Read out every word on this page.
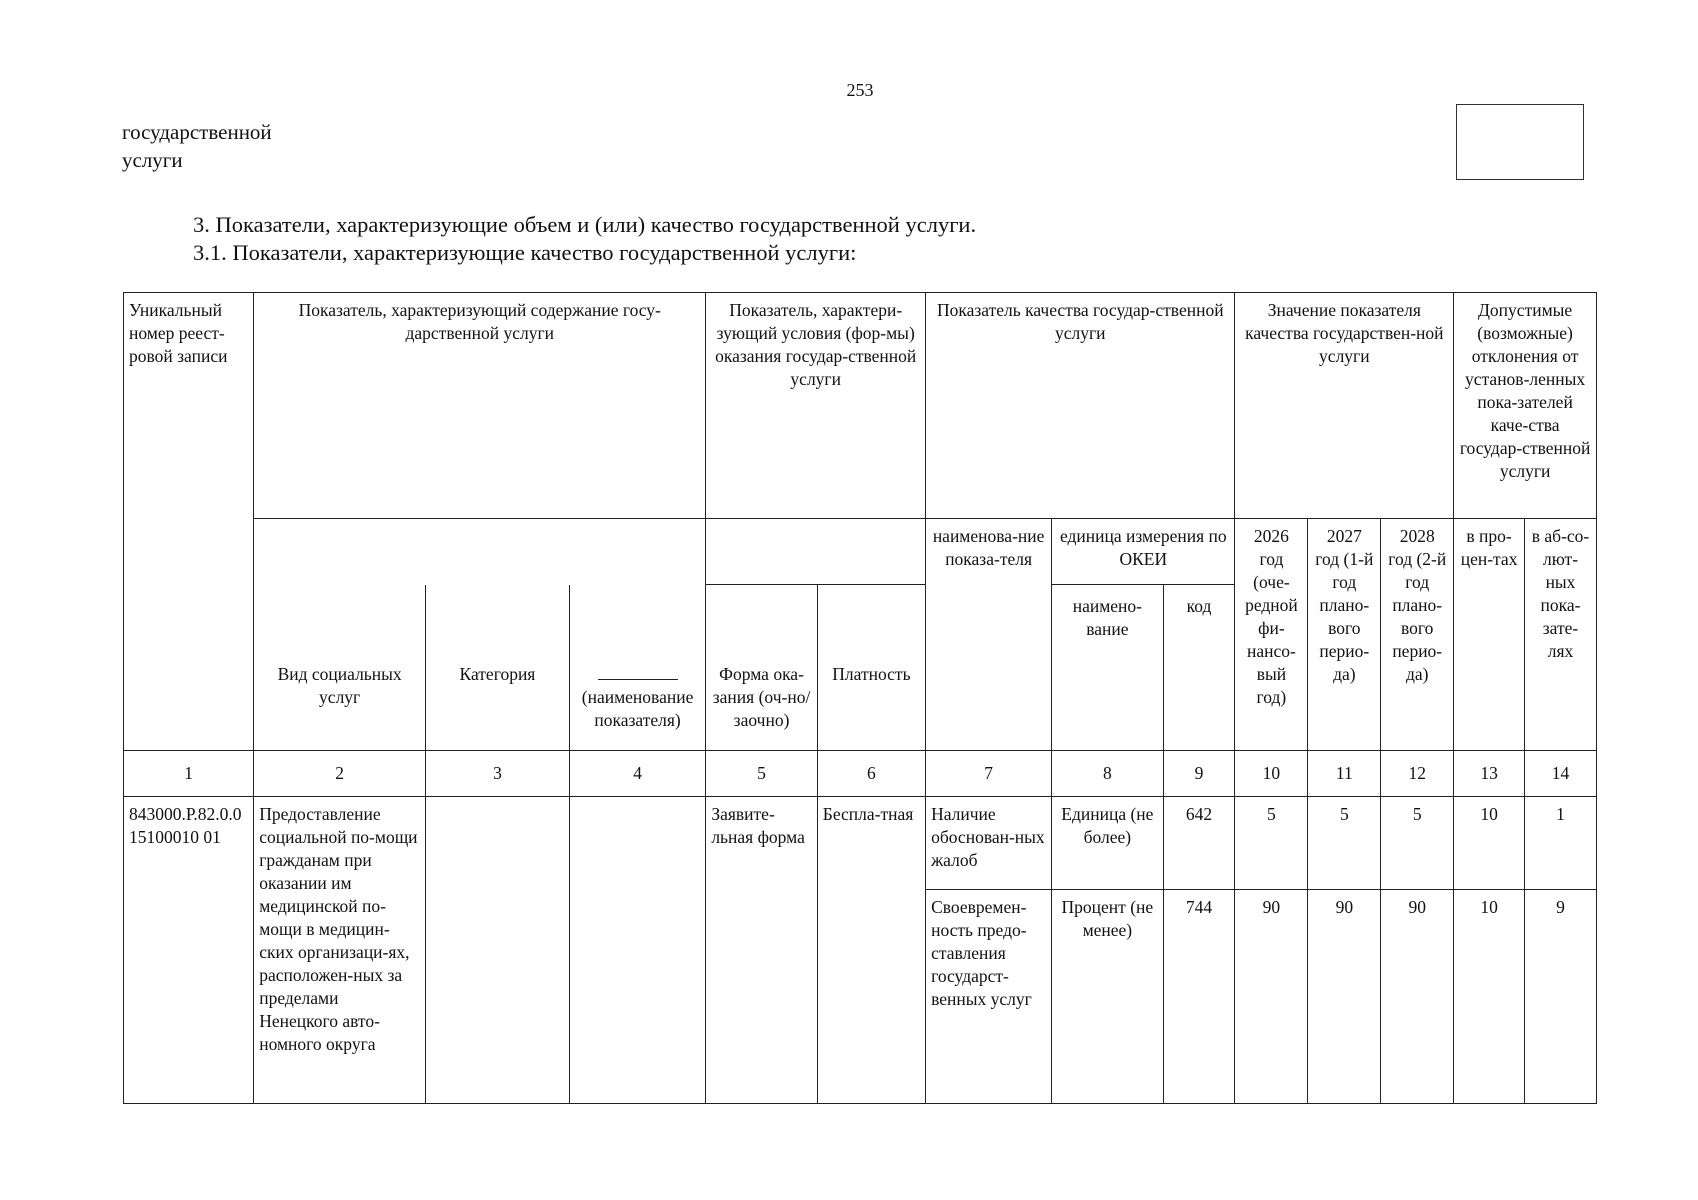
253
государственной
услуги
3. Показатели, характеризующие объем и (или) качество государственной услуги.
3.1. Показатели, характеризующие качество государственной услуги:
Уникальный номер реест-ровой записи	Показатель, характеризующий содержание госу-дарственной услуги			Показатель, характери-зующий условия (фор-мы) оказания государ-ственной услуги		Показатель качества государ-ственной услуги			Значение показателя качества государствен-ной услуги			Допустимые (возможные) отклонения от установ-ленных пока-зателей каче-ства государ-ственной услуги	
						наименова-ние показа-теля	единица измерения по ОКЕИ		2026 год (оче-редной фи-нансо-вый год)	2027 год (1-й год плано-вого перио-да)	2028 год (2-й год плано-вого перио-да)	в про-цен-тах	в аб-со-лют-ных пока-зате-лях
	Вид социальных услуг	Категория	(наименование показателя)	Форма ока-зания (оч-но/заочно)	Платность		наимено-вание	код					
1	2	3	4	5	6	7	8	9	10	11	12	13	14
843000.Р.82.0.015100010 01	Предоставление социальной по-мощи гражданам при оказании им медицинской по-мощи в медицин-ских организаци-ях, расположен-ных за пределами Ненецкого авто-номного округа			Заявите-льная форма	Беспла-тная	Наличие обоснован-ных жалоб	Единица (не более)	642	5	5	5	10	1
						Своевремен-ность предо-ставления государст-венных услуг	Процент (не менее)	744	90	90	90	10	9
